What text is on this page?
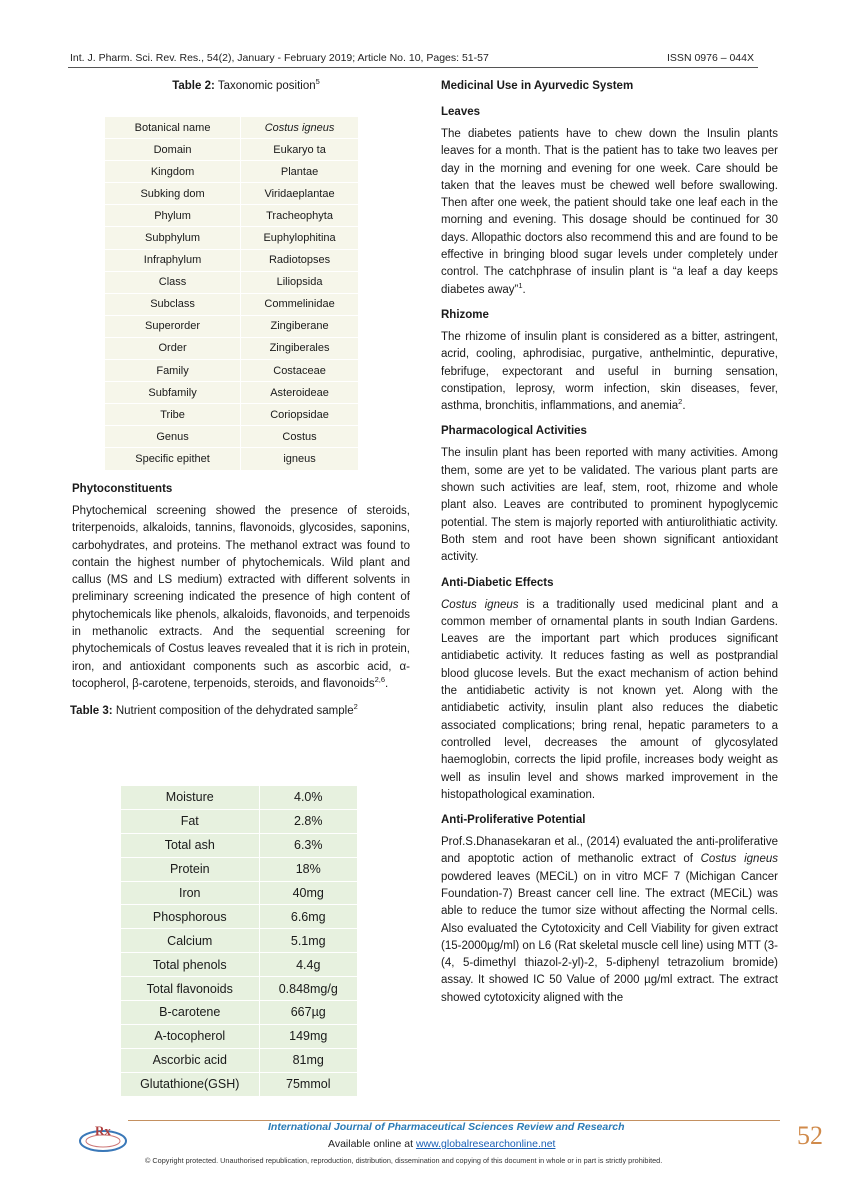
Int. J. Pharm. Sci. Rev. Res., 54(2), January - February 2019; Article No. 10, Pages: 51-57	ISSN 0976 – 044X

Table 2: Taxonomic position$^5$

Botanical name	Costus igneus
Domain	Eukaryo ta
Kingdom	Plantae
Subking dom	Viridaeplantae
Phylum	Tracheophyta
Subphylum	Euphylophitina
Infraphylum	Radiotopses
Class	Liliopsida
Subclass	Commelinidae
Superorder	Zingiberane
Order	Zingiberales
Family	Costaceae
Subfamily	Asteroideae
Tribe	Coriopsidae
Genus	Costus
Specific epithet	igneus

Phytoconstituents

Phytochemical screening showed the presence of steroids, triterpenoids, alkaloids, tannins, flavonoids, glycosides, saponins, carbohydrates, and proteins. The methanol extract was found to contain the highest number of phytochemicals. Wild plant and callus (MS and LS medium) extracted with different solvents in preliminary screening indicated the presence of high content of phytochemicals like phenols, alkaloids, flavonoids, and terpenoids in methanolic extracts. And the sequential screening for phytochemicals of Costus leaves revealed that it is rich in protein, iron, and antioxidant components such as ascorbic acid, α-tocopherol, β-carotene, terpenoids, steroids, and flavonoids$^{2,6}$.

Table 3: Nutrient composition of the dehydrated sample$^2$

Moisture	4.0%
Fat	2.8%
Total ash	6.3%
Protein	18%
Iron	40mg
Phosphorous	6.6mg
Calcium	5.1mg
Total phenols	4.4g
Total flavonoids	0.848mg/g
B-carotene	667µg
A-tocopherol	149mg
Ascorbic acid	81mg
Glutathione(GSH)	75mmol

Medicinal Use in Ayurvedic System

Leaves

The diabetes patients have to chew down the Insulin plants leaves for a month. That is the patient has to take two leaves per day in the morning and evening for one week. Care should be taken that the leaves must be chewed well before swallowing. Then after one week, the patient should take one leaf each in the morning and evening. This dosage should be continued for 30 days. Allopathic doctors also recommend this and are found to be effective in bringing blood sugar levels under completely under control. The catchphrase of insulin plant is “a leaf a day keeps diabetes away”$^1$.

Rhizome

The rhizome of insulin plant is considered as a bitter, astringent, acrid, cooling, aphrodisiac, purgative, anthelmintic, depurative, febrifuge, expectorant and useful in burning sensation, constipation, leprosy, worm infection, skin diseases, fever, asthma, bronchitis, inflammations, and anemia$^2$.

Pharmacological Activities

The insulin plant has been reported with many activities. Among them, some are yet to be validated. The various plant parts are shown such activities are leaf, stem, root, rhizome and whole plant also. Leaves are contributed to prominent hypoglycemic potential. The stem is majorly reported with antiurolithiatic activity. Both stem and root have been shown significant antioxidant activity.

Anti-Diabetic Effects

Costus igneus is a traditionally used medicinal plant and a common member of ornamental plants in south Indian Gardens. Leaves are the important part which produces significant antidiabetic activity. It reduces fasting as well as postprandial blood glucose levels. But the exact mechanism of action behind the antidiabetic activity is not known yet. Along with the antidiabetic activity, insulin plant also reduces the diabetic associated complications; bring renal, hepatic parameters to a controlled level, decreases the amount of glycosylated haemoglobin, corrects the lipid profile, increases body weight as well as insulin level and shows marked improvement in the histopathological examination.

Anti-Proliferative Potential

Prof.S.Dhanasekaran et al., (2014) evaluated the anti-proliferative and apoptotic action of methanolic extract of Costus igneus powdered leaves (MECiL) on in vitro MCF 7 (Michigan Cancer Foundation-7) Breast cancer cell line. The extract (MECiL) was able to reduce the tumor size without affecting the Normal cells. Also evaluated the Cytotoxicity and Cell Viability for given extract (15-2000µg/ml) on L6 (Rat skeletal muscle cell line) using MTT (3- (4, 5-dimethyl thiazol-2-yl)-2, 5-diphenyl tetrazolium bromide) assay. It showed IC 50 Value of 2000 µg/ml extract. The extract showed cytotoxicity aligned with the

Rx	International Journal of Pharmaceutical Sciences Review and Research
Available online at www.globalresearchonline.net
© Copyright protected. Unauthorised republication, reproduction, distribution, dissemination and copying of this document in whole or in part is strictly prohibited.
52
